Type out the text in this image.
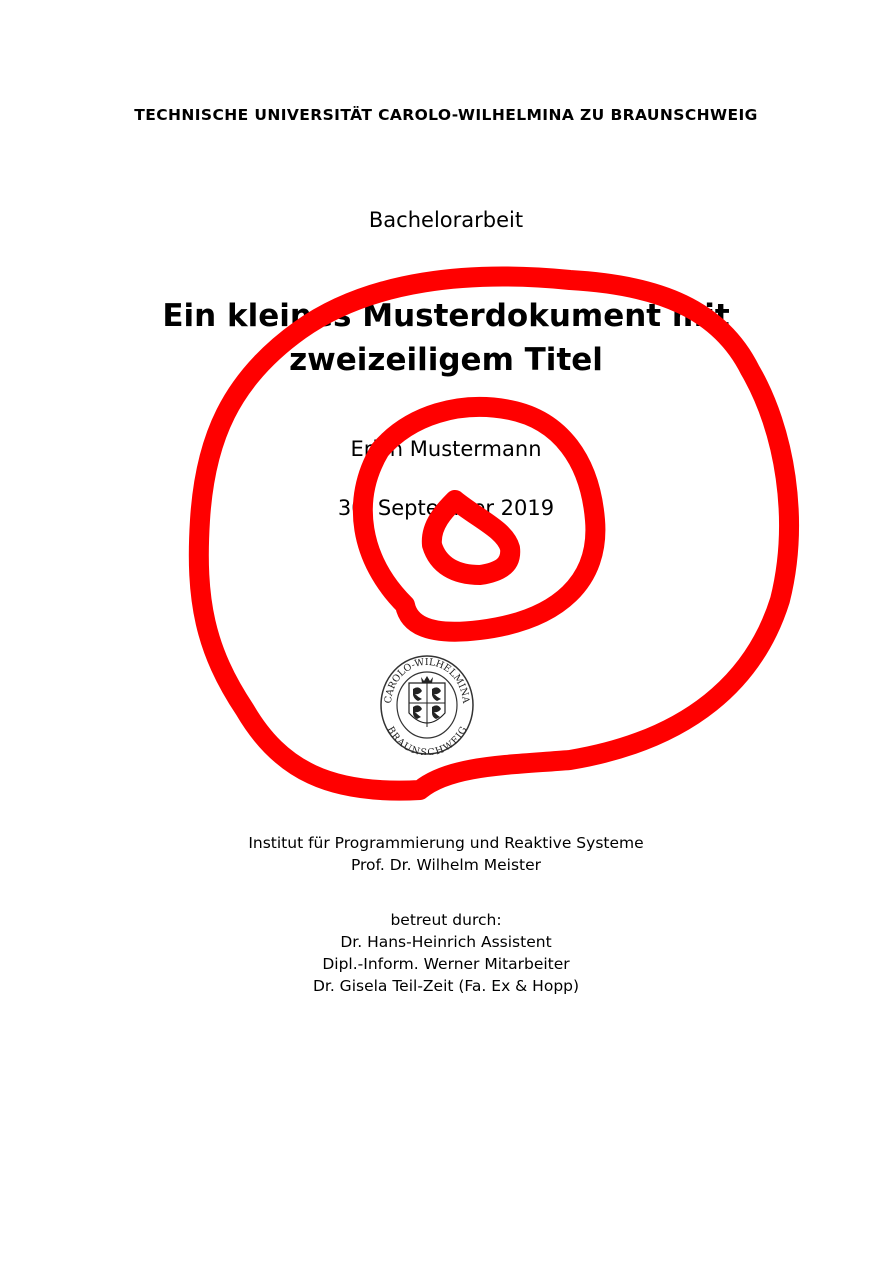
TECHNISCHE UNIVERSITÄT CAROLO-WILHELMINA ZU BRAUNSCHWEIG
Bachelorarbeit
Ein kleines Musterdokument mit
zweizeiligem Titel
Erich Mustermann
30. September 2019
CAROLO-WILHELMINA
BRAUNSCHWEIG
Institut für Programmierung und Reaktive Systeme
Prof. Dr. Wilhelm Meister
betreut durch:
Dr. Hans-Heinrich Assistent
Dipl.-Inform. Werner Mitarbeiter
Dr. Gisela Teil-Zeit (Fa. Ex & Hopp)
